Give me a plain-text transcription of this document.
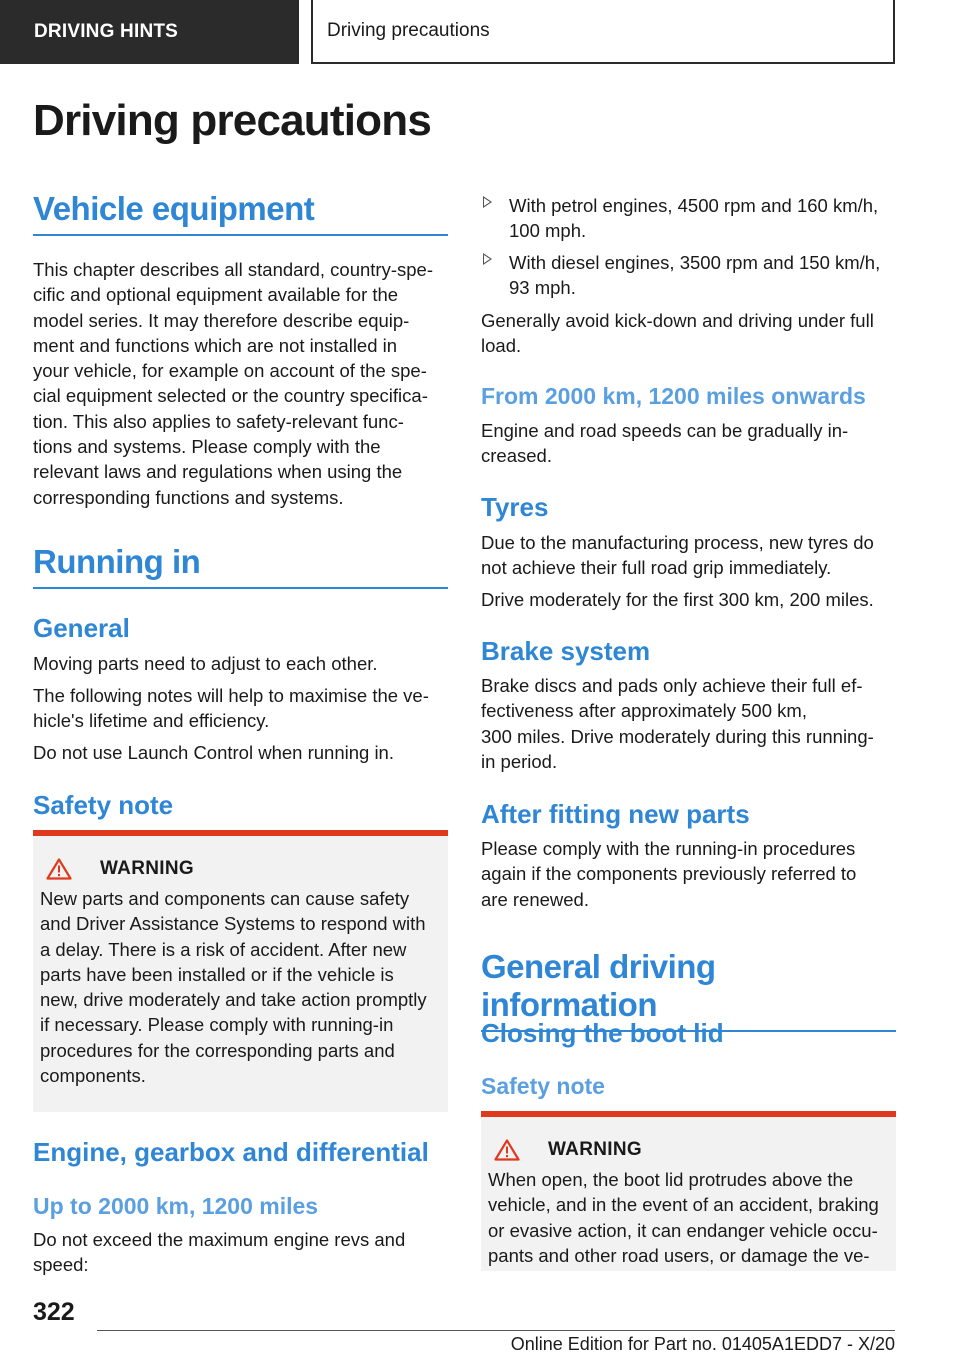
DRIVING HINTS	Driving precautions
Driving precautions
Vehicle equipment

This chapter describes all standard, country-spe-
cific and optional equipment available for the
model series. It may therefore describe equip-
ment and functions which are not installed in
your vehicle, for example on account of the spe-
cial equipment selected or the country specifica-
tion. This also applies to safety-relevant func-
tions and systems. Please comply with the
relevant laws and regulations when using the
corresponding functions and systems.

Running in
General

Moving parts need to adjust to each other.

The following notes will help to maximise the ve-
hicle's lifetime and efficiency.

Do not use Launch Control when running in.

Safety note
WARNING

New parts and components can cause safety
and Driver Assistance Systems to respond with
a delay. There is a risk of accident. After new
parts have been installed or if the vehicle is
new, drive moderately and take action promptly
if necessary. Please comply with running-in
procedures for the corresponding parts and
components.

Engine, gearbox and differential
Up to 2000 km, 1200 miles

Do not exceed the maximum engine revs and
speed:

With petrol engines, 4500 rpm and 160 km/h,
100 mph.
With diesel engines, 3500 rpm and 150 km/h,
93 mph.

Generally avoid kick-down and driving under full
load.

From 2000 km, 1200 miles onwards

Engine and road speeds can be gradually in-
creased.

Tyres

Due to the manufacturing process, new tyres do
not achieve their full road grip immediately.

Drive moderately for the first 300 km, 200 miles.

Brake system

Brake discs and pads only achieve their full ef-
fectiveness after approximately 500 km,
300 miles. Drive moderately during this running-
in period.

After fitting new parts

Please comply with the running-in procedures
again if the components previously referred to
are renewed.

General driving information
Closing the boot lid
Safety note
WARNING

When open, the boot lid protrudes above the
vehicle, and in the event of an accident, braking
or evasive action, it can endanger vehicle occu-
pants and other road users, or damage the ve-

322

Online Edition for Part no. 01405A1EDD7 - X/20
